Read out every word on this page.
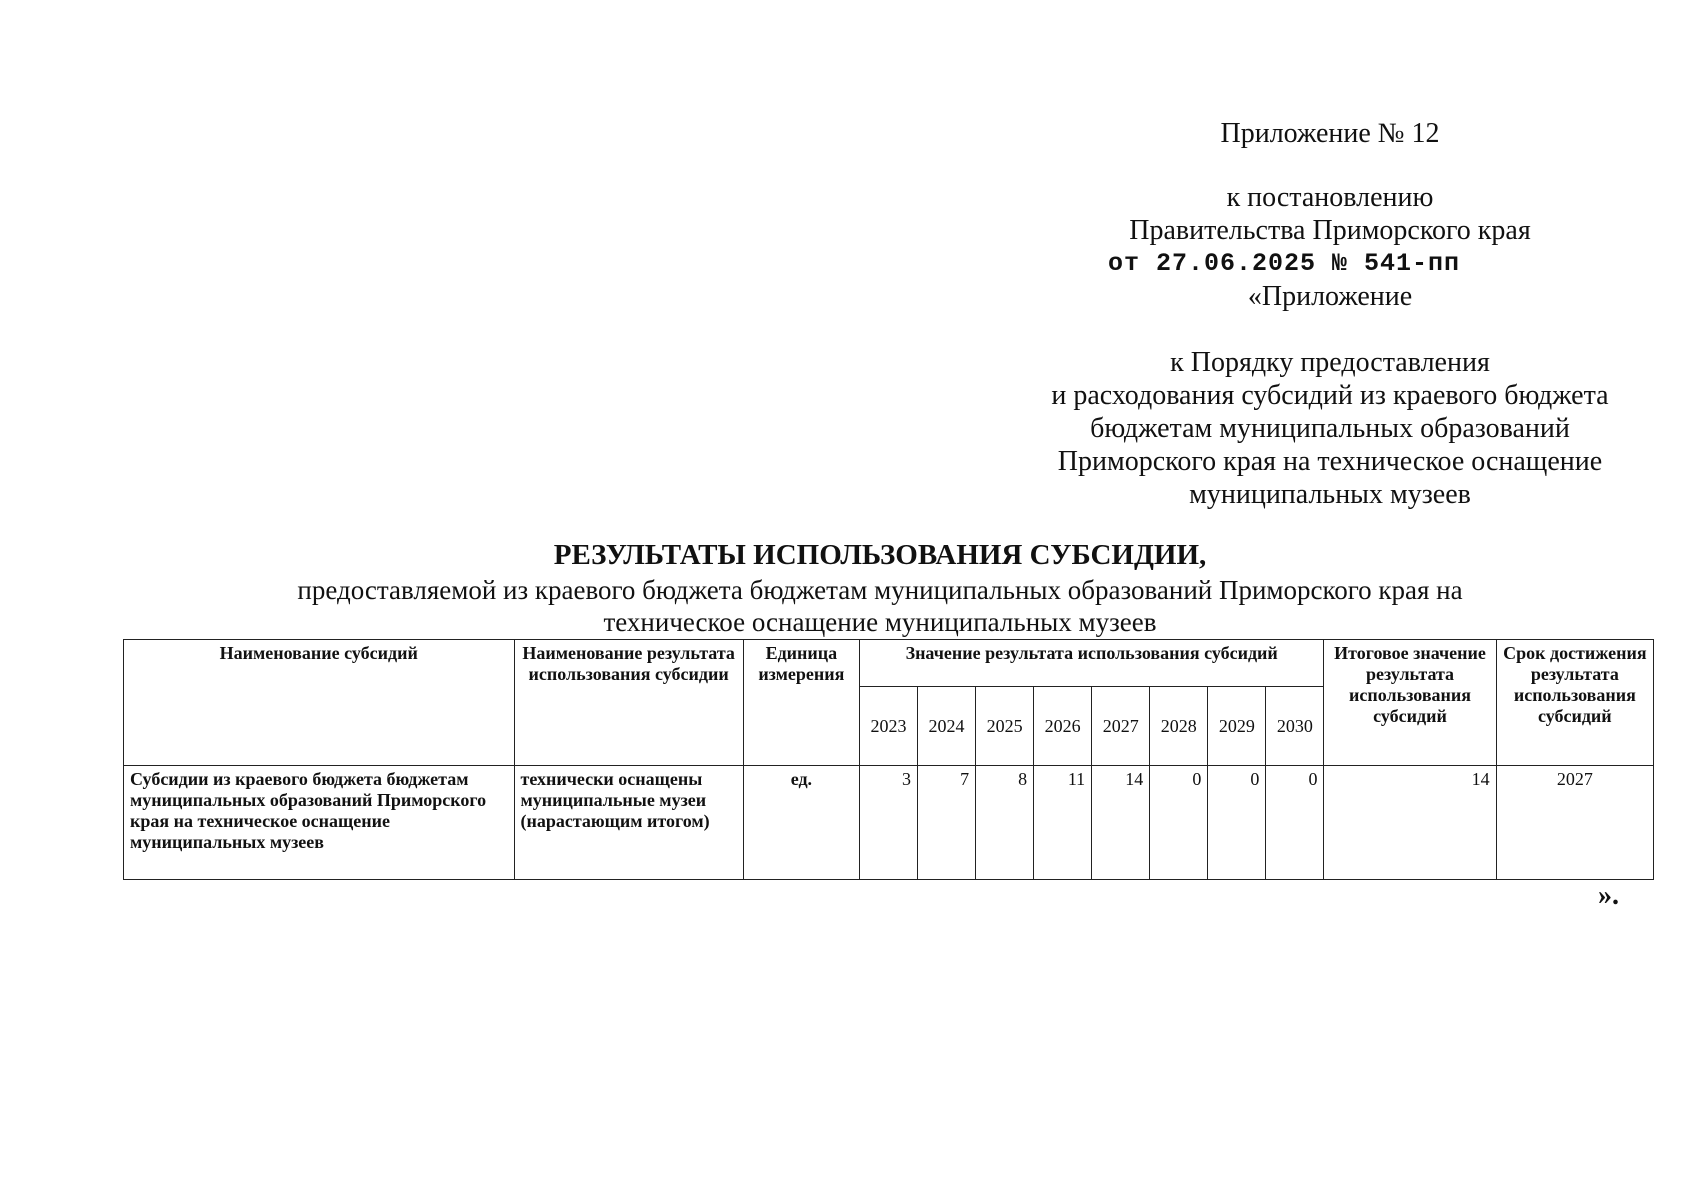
Приложение № 12
к постановлению
Правительства Приморского края
от 27.06.2025 № 541-пп
«Приложение
к Порядку предоставления
и расходования субсидий из краевого бюджета
бюджетам муниципальных образований
Приморского края на техническое оснащение
муниципальных музеев
РЕЗУЛЬТАТЫ ИСПОЛЬЗОВАНИЯ СУБСИДИИ,
предоставляемой из краевого бюджета бюджетам муниципальных образований Приморского края на техническое оснащение муниципальных музеев
Наименование субсидий	Наименование результата использования субсидии	Единица измерения	Значение результата использования субсидий								Итоговое значение результата использования субсидий	Срок достижения результата использования субсидий
			2023	2024	2025	2026	2027	2028	2029	2030		
Субсидии из краевого бюджета бюджетам муниципальных образований Приморского края на техническое оснащение муниципальных музеев	технически оснащены муниципальные музеи (нарастающим итогом)	ед.	3	7	8	11	14	0	0	0	14	2027
».
